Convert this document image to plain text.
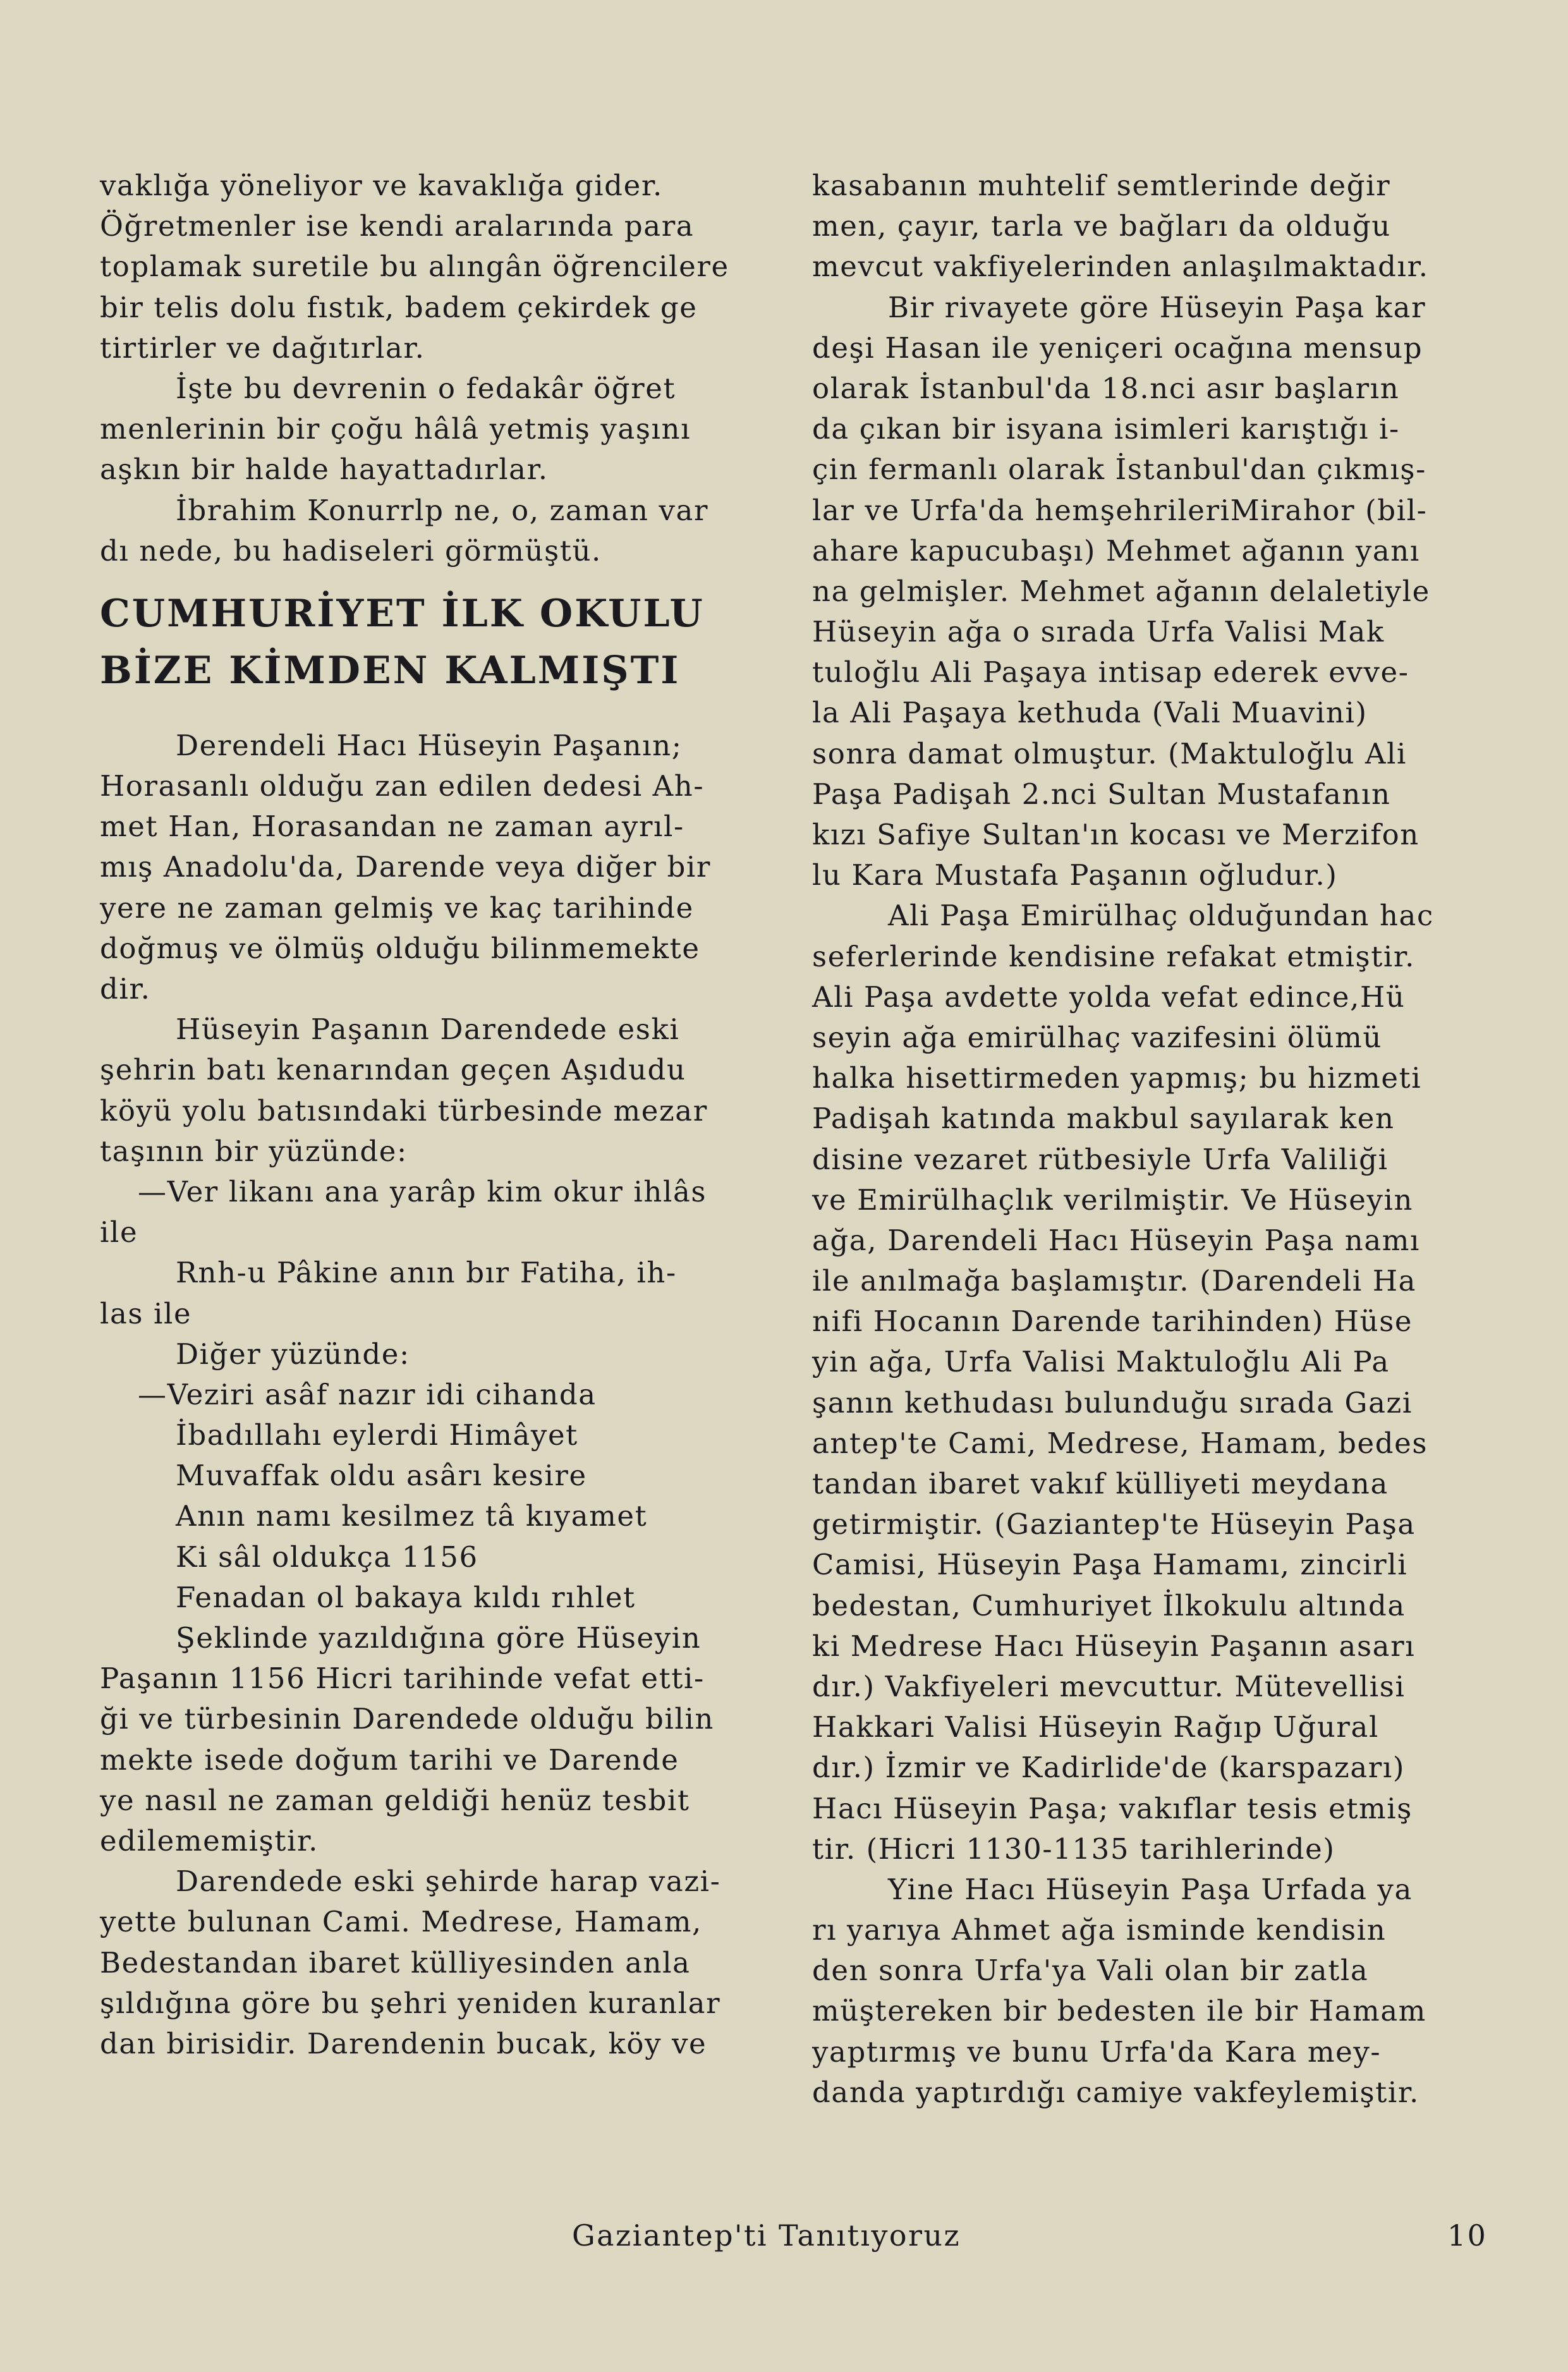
vaklığa yöneliyor ve kavaklığa gider.
Öğretmenler ise kendi aralarında para
toplamak suretile bu alıngân öğrencilere
bir telis dolu fıstık, badem çekirdek ge
tirtirler ve dağıtırlar.
İşte bu devrenin o fedakâr öğret
menlerinin bir çoğu hâlâ yetmiş yaşını
aşkın bir halde hayattadırlar.
İbrahim Konurrlp ne, o, zaman var
dı nede, bu hadiseleri görmüştü.
CUMHURİYET İLK OKULU
BİZE KİMDEN KALMIŞTI
Derendeli Hacı Hüseyin Paşanın;
Horasanlı olduğu zan edilen dedesi Ah-
met Han, Horasandan ne zaman ayrıl-
mış Anadolu'da, Darende veya diğer bir
yere ne zaman gelmiş ve kaç tarihinde
doğmuş ve ölmüş olduğu bilinmemekte
dir.
Hüseyin Paşanın Darendede eski
şehrin batı kenarından geçen Aşıdudu
köyü yolu batısındaki türbesinde mezar
taşının bir yüzünde:
—Ver likanı ana yarâp kim okur ihlâs
ile
Rnh-u Pâkine anın bır Fatiha, ih-
las ile
Diğer yüzünde:
—Veziri asâf nazır idi cihanda
İbadıllahı eylerdi Himâyet
Muvaffak oldu asârı kesire
Anın namı kesilmez tâ kıyamet
Ki sâl oldukça 1156
Fenadan ol bakaya kıldı rıhlet
Şeklinde yazıldığına göre Hüseyin
Paşanın 1156 Hicri tarihinde vefat etti-
ği ve türbesinin Darendede olduğu bilin
mekte isede doğum tarihi ve Darende
ye nasıl ne zaman geldiği henüz tesbit
edilememiştir.
Darendede eski şehirde harap vazi-
yette bulunan Cami. Medrese, Hamam,
Bedestandan ibaret külliyesinden anla
şıldığına göre bu şehri yeniden kuranlar
dan birisidir. Darendenin bucak, köy ve
kasabanın muhtelif semtlerinde değir
men, çayır, tarla ve bağları da olduğu
mevcut vakfiyelerinden anlaşılmaktadır.
Bir rivayete göre Hüseyin Paşa kar
deşi Hasan ile yeniçeri ocağına mensup
olarak İstanbul'da 18.nci asır başların
da çıkan bir isyana isimleri karıştığı i-
çin fermanlı olarak İstanbul'dan çıkmış-
lar ve Urfa'da hemşehrileriMirahor (bil-
ahare kapucubaşı) Mehmet ağanın yanı
na gelmişler. Mehmet ağanın delaletiyle
Hüseyin ağa o sırada Urfa Valisi Mak
tuloğlu Ali Paşaya intisap ederek evve-
la Ali Paşaya kethuda (Vali Muavini)
sonra damat olmuştur. (Maktuloğlu Ali
Paşa Padişah 2.nci Sultan Mustafanın
kızı Safiye Sultan'ın kocası ve Merzifon
lu Kara Mustafa Paşanın oğludur.)
Ali Paşa Emirülhaç olduğundan hac
seferlerinde kendisine refakat etmiştir.
Ali Paşa avdette yolda vefat edince,Hü
seyin ağa emirülhaç vazifesini ölümü
halka hisettirmeden yapmış; bu hizmeti
Padişah katında makbul sayılarak ken
disine vezaret rütbesiyle Urfa Valiliği
ve Emirülhaçlık verilmiştir. Ve Hüseyin
ağa, Darendeli Hacı Hüseyin Paşa namı
ile anılmağa başlamıştır. (Darendeli Ha
nifi Hocanın Darende tarihinden) Hüse
yin ağa, Urfa Valisi Maktuloğlu Ali Pa
şanın kethudası bulunduğu sırada Gazi
antep'te Cami, Medrese, Hamam, bedes
tandan ibaret vakıf külliyeti meydana
getirmiştir. (Gaziantep'te Hüseyin Paşa
Camisi, Hüseyin Paşa Hamamı, zincirli
bedestan, Cumhuriyet İlkokulu altında
ki Medrese Hacı Hüseyin Paşanın asarı
dır.) Vakfiyeleri mevcuttur. Mütevellisi
Hakkari Valisi Hüseyin Rağıp Uğural
dır.) İzmir ve Kadirlide'de (karspazarı)
Hacı Hüseyin Paşa; vakıflar tesis etmiş
tir. (Hicri 1130-1135 tarihlerinde)
Yine Hacı Hüseyin Paşa Urfada ya
rı yarıya Ahmet ağa isminde kendisin
den sonra Urfa'ya Vali olan bir zatla
müştereken bir bedesten ile bir Hamam
yaptırmış ve bunu Urfa'da Kara mey-
danda yaptırdığı camiye vakfeylemiştir.
Gaziantep'ti Tanıtıyoruz	10
